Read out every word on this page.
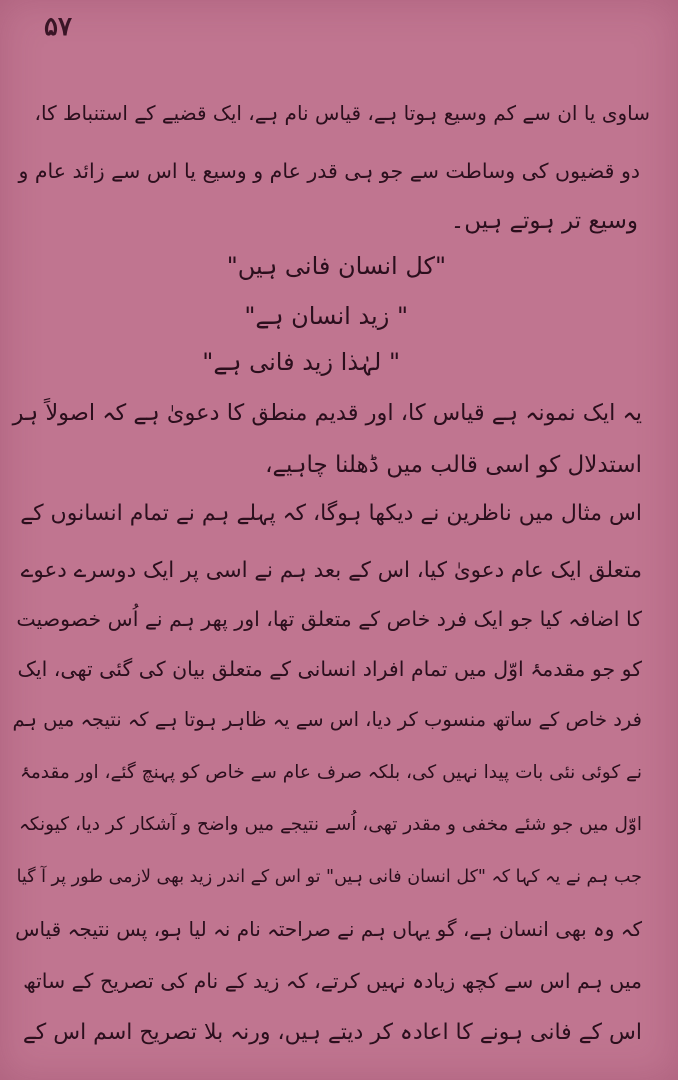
۵۷
ساوی یا ان سے کم وسیع ہوتا ہے، قیاس نام ہے، ایک قضیے کے استنباط کا،
دو قضیوں کی وساطت سے جو ہی قدر عام و وسیع یا اس سے زائد عام و
وسیع تر ہوتے ہیں۔
"کل انسان فانی ہیں"
" زید انسان ہے"
" لہٰذا زید فانی ہے"
یہ ایک نمونہ ہے قیاس کا، اور قدیم منطق کا دعویٰ ہے کہ اصولاً ہر
استدلال کو اسی قالب میں ڈھلنا چاہیے،
اس مثال میں ناظرین نے دیکھا ہوگا، کہ پہلے ہم نے تمام انسانوں کے
متعلق ایک عام دعویٰ کیا، اس کے بعد ہم نے اسی پر ایک دوسرے دعوے
کا اضافہ کیا جو ایک فرد خاص کے متعلق تھا، اور پھر ہم نے اُس خصوصیت
کو جو مقدمۂ اوّل میں تمام افراد انسانی کے متعلق بیان کی گئی تھی، ایک
فرد خاص کے ساتھ منسوب کر دیا، اس سے یہ ظاہر ہوتا ہے کہ نتیجہ میں ہم
نے کوئی نئی بات پیدا نہیں کی، بلکہ صرف عام سے خاص کو پہنچ گئے، اور مقدمۂ
اوّل میں جو شئے مخفی و مقدر تھی، اُسے نتیجے میں واضح و آشکار کر دیا، کیونکہ
جب ہم نے یہ کہا کہ "کل انسان فانی ہیں" تو اس کے اندر زید بھی لازمی طور پر آ گیا
کہ وہ بھی انسان ہے، گو یہاں ہم نے صراحتہ نام نہ لیا ہو، پس نتیجہ قیاس
میں ہم اس سے کچھ زیادہ نہیں کرتے، کہ زید کے نام کی تصریح کے ساتھ
اس کے فانی ہونے کا اعادہ کر دیتے ہیں، ورنہ بلا تصریح اسم اس کے
